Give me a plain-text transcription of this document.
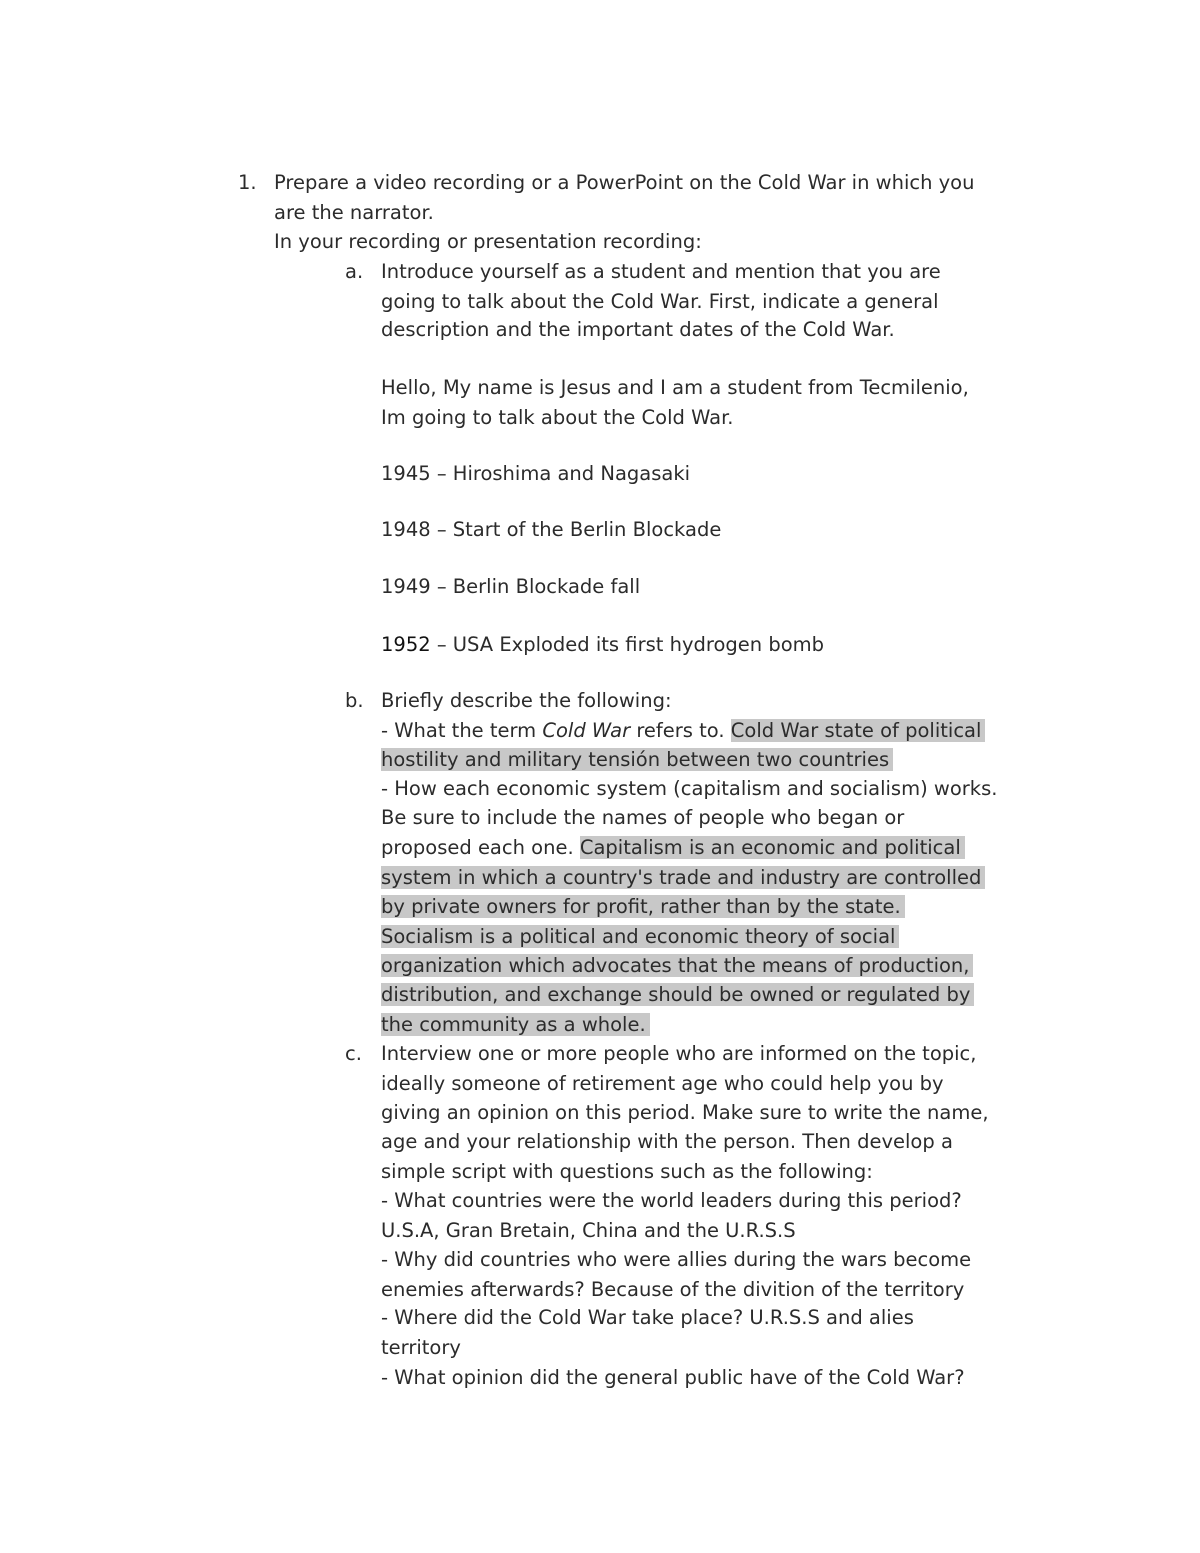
1. Prepare a video recording or a PowerPoint on the Cold War in which you

are the narrator.

In your recording or presentation recording:

a. Introduce yourself as a student and mention that you are

going to talk about the Cold War. First, indicate a general

description and the important dates of the Cold War.

Hello, My name is Jesus and I am a student from Tecmilenio,

Im going to talk about the Cold War.

1945 – Hiroshima and Nagasaki

1948 – Start of the Berlin Blockade

1949 – Berlin Blockade fall

1952 – USA Exploded its first hydrogen bomb

b. Briefly describe the following:

- What the term Cold War refers to. Cold War state of political

hostility and military tensión between two countries

- How each economic system (capitalism and socialism) works.

Be sure to include the names of people who began or

proposed each one. Capitalism is an economic and political

system in which a country's trade and industry are controlled

by private owners for profit, rather than by the state.

Socialism is a political and economic theory of social

organization which advocates that the means of production,

distribution, and exchange should be owned or regulated by

the community as a whole.

c. Interview one or more people who are informed on the topic,

ideally someone of retirement age who could help you by

giving an opinion on this period. Make sure to write the name,

age and your relationship with the person. Then develop a

simple script with questions such as the following:

- What countries were the world leaders during this period?

U.S.A, Gran Bretain, China and the U.R.S.S

- Why did countries who were allies during the wars become

enemies afterwards? Because of the divition of the territory

- Where did the Cold War take place? U.R.S.S and alies

territory

- What opinion did the general public have of the Cold War?
